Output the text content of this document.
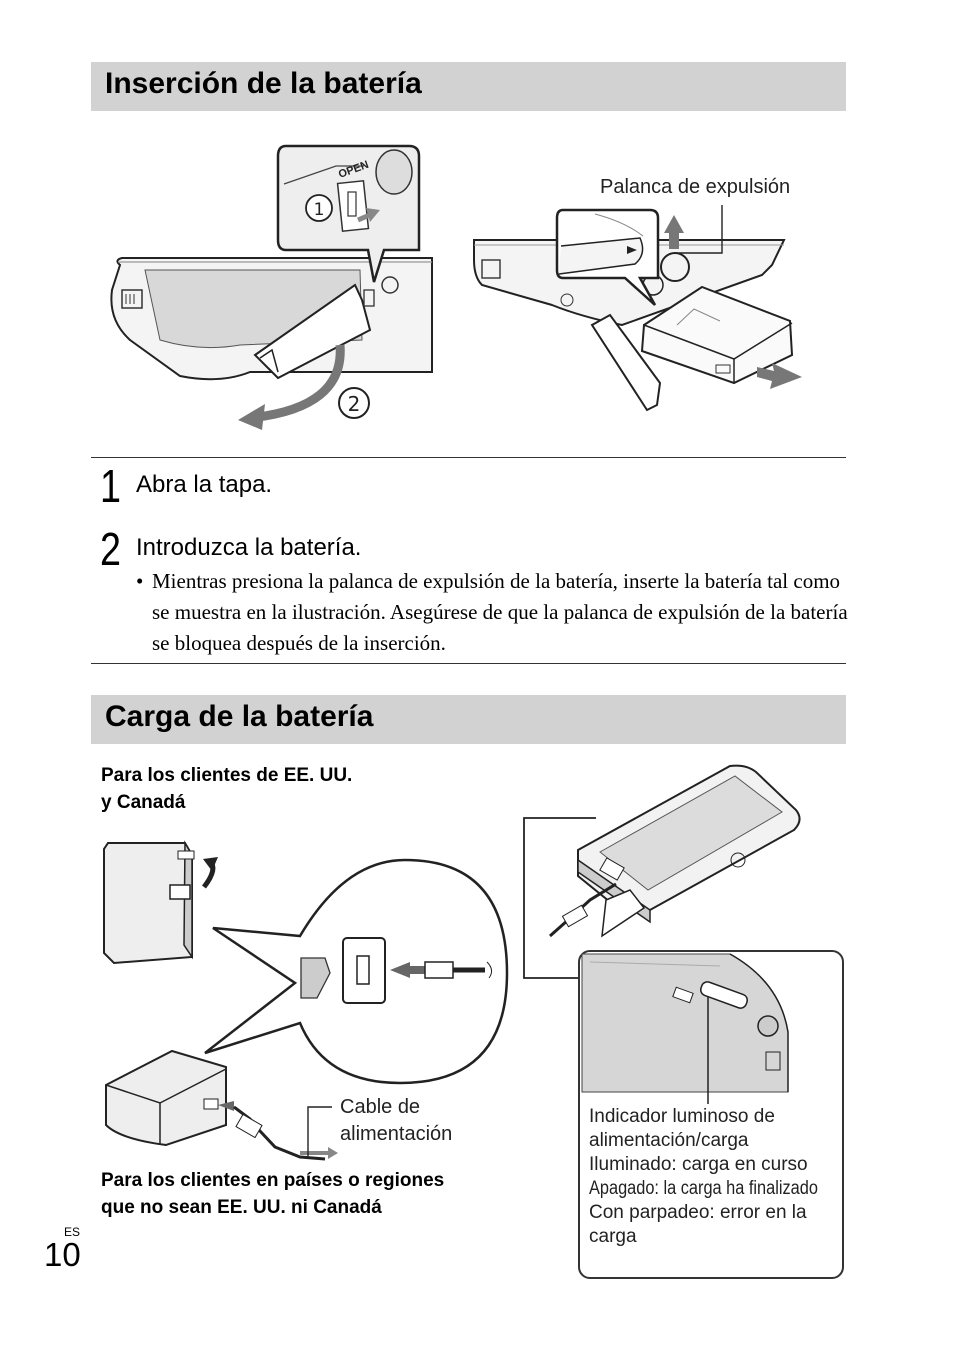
Inserción de la batería
OPEN
1
2
Palanca de expulsión
1 Abra la tapa.
2 Introduzca la batería.
• Mientras presiona la palanca de expulsión de la batería, inserte la batería tal como se muestra en la ilustración. Asegúrese de que la palanca de expulsión de la batería se bloquea después de la inserción.
Carga de la batería
Para los clientes de EE. UU.
y Canadá
Cable de
alimentación
Para los clientes en países o regiones
que no sean EE. UU. ni Canadá
Indicador luminoso de
alimentación/carga
Iluminado: carga en curso
Apagado: la carga ha finalizado
Con parpadeo: error en la
carga
ES
10
